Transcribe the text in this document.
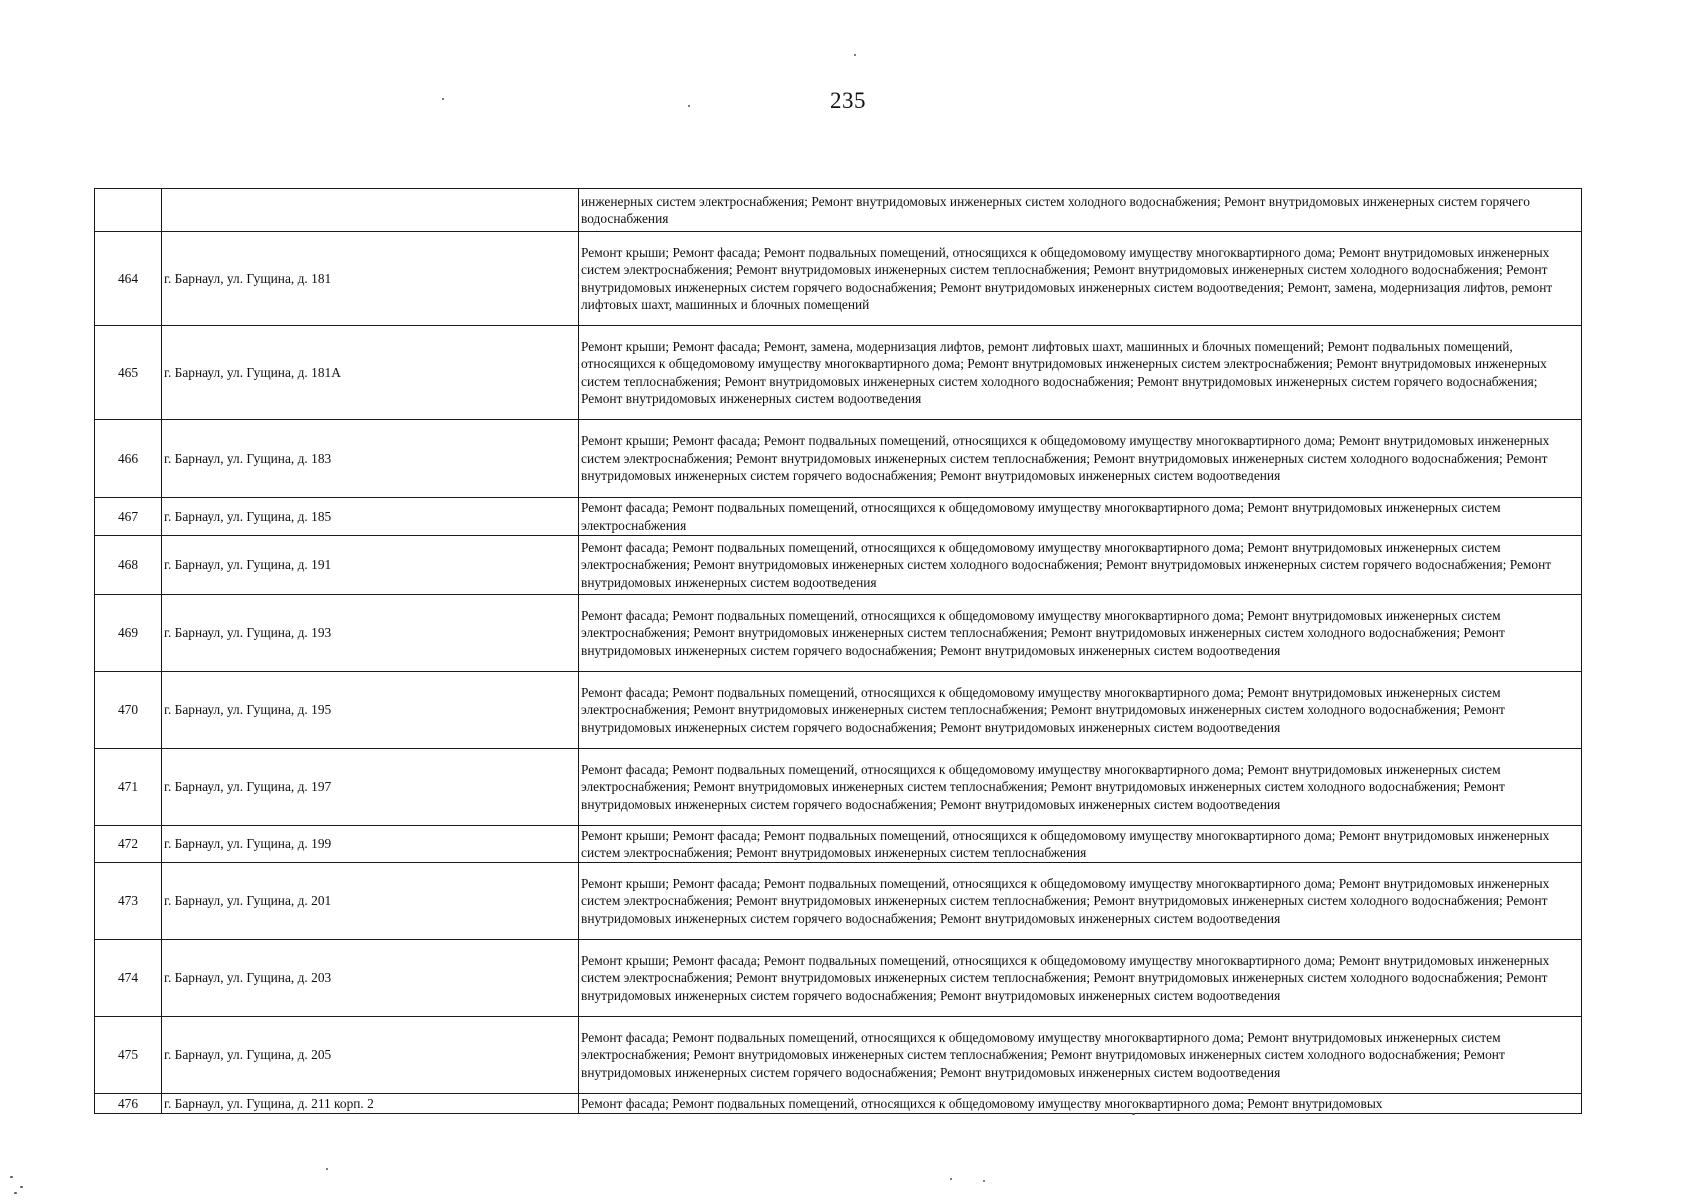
235
		инженерных систем электроснабжения; Ремонт внутридомовых инженерных систем холодного водоснабжения; Ремонт внутридомовых инженерных систем горячего водоснабжения
464	г. Барнаул, ул. Гущина, д. 181	Ремонт крыши; Ремонт фасада; Ремонт подвальных помещений, относящихся к общедомовому имуществу многоквартирного дома; Ремонт внутридомовых инженерных систем электроснабжения; Ремонт внутридомовых инженерных систем теплоснабжения; Ремонт внутридомовых инженерных систем холодного водоснабжения; Ремонт внутридомовых инженерных систем горячего водоснабжения; Ремонт внутридомовых инженерных систем водоотведения; Ремонт, замена, модернизация лифтов, ремонт лифтовых шахт, машинных и блочных помещений
465	г. Барнаул, ул. Гущина, д. 181А	Ремонт крыши; Ремонт фасада; Ремонт, замена, модернизация лифтов, ремонт лифтовых шахт, машинных и блочных помещений; Ремонт подвальных помещений, относящихся к общедомовому имуществу многоквартирного дома; Ремонт внутридомовых инженерных систем электроснабжения; Ремонт внутридомовых инженерных систем теплоснабжения; Ремонт внутридомовых инженерных систем холодного водоснабжения; Ремонт внутридомовых инженерных систем горячего водоснабжения; Ремонт внутридомовых инженерных систем водоотведения
466	г. Барнаул, ул. Гущина, д. 183	Ремонт крыши; Ремонт фасада; Ремонт подвальных помещений, относящихся к общедомовому имуществу многоквартирного дома; Ремонт внутридомовых инженерных систем электроснабжения; Ремонт внутридомовых инженерных систем теплоснабжения; Ремонт внутридомовых инженерных систем холодного водоснабжения; Ремонт внутридомовых инженерных систем горячего водоснабжения; Ремонт внутридомовых инженерных систем водоотведения
467	г. Барнаул, ул. Гущина, д. 185	Ремонт фасада; Ремонт подвальных помещений, относящихся к общедомовому имуществу многоквартирного дома; Ремонт внутридомовых инженерных систем электроснабжения
468	г. Барнаул, ул. Гущина, д. 191	Ремонт фасада; Ремонт подвальных помещений, относящихся к общедомовому имуществу многоквартирного дома; Ремонт внутридомовых инженерных систем электроснабжения; Ремонт внутридомовых инженерных систем холодного водоснабжения; Ремонт внутридомовых инженерных систем горячего водоснабжения; Ремонт внутридомовых инженерных систем водоотведения
469	г. Барнаул, ул. Гущина, д. 193	Ремонт фасада; Ремонт подвальных помещений, относящихся к общедомовому имуществу многоквартирного дома; Ремонт внутридомовых инженерных систем электроснабжения; Ремонт внутридомовых инженерных систем теплоснабжения; Ремонт внутридомовых инженерных систем холодного водоснабжения; Ремонт внутридомовых инженерных систем горячего водоснабжения; Ремонт внутридомовых инженерных систем водоотведения
470	г. Барнаул, ул. Гущина, д. 195	Ремонт фасада; Ремонт подвальных помещений, относящихся к общедомовому имуществу многоквартирного дома; Ремонт внутридомовых инженерных систем электроснабжения; Ремонт внутридомовых инженерных систем теплоснабжения; Ремонт внутридомовых инженерных систем холодного водоснабжения; Ремонт внутридомовых инженерных систем горячего водоснабжения; Ремонт внутридомовых инженерных систем водоотведения
471	г. Барнаул, ул. Гущина, д. 197	Ремонт фасада; Ремонт подвальных помещений, относящихся к общедомовому имуществу многоквартирного дома; Ремонт внутридомовых инженерных систем электроснабжения; Ремонт внутридомовых инженерных систем теплоснабжения; Ремонт внутридомовых инженерных систем холодного водоснабжения; Ремонт внутридомовых инженерных систем горячего водоснабжения; Ремонт внутридомовых инженерных систем водоотведения
472	г. Барнаул, ул. Гущина, д. 199	Ремонт крыши; Ремонт фасада; Ремонт подвальных помещений, относящихся к общедомовому имуществу многоквартирного дома; Ремонт внутридомовых инженерных систем электроснабжения; Ремонт внутридомовых инженерных систем теплоснабжения
473	г. Барнаул, ул. Гущина, д. 201	Ремонт крыши; Ремонт фасада; Ремонт подвальных помещений, относящихся к общедомовому имуществу многоквартирного дома; Ремонт внутридомовых инженерных систем электроснабжения; Ремонт внутридомовых инженерных систем теплоснабжения; Ремонт внутридомовых инженерных систем холодного водоснабжения; Ремонт внутридомовых инженерных систем горячего водоснабжения; Ремонт внутридомовых инженерных систем водоотведения
474	г. Барнаул, ул. Гущина, д. 203	Ремонт крыши; Ремонт фасада; Ремонт подвальных помещений, относящихся к общедомовому имуществу многоквартирного дома; Ремонт внутридомовых инженерных систем электроснабжения; Ремонт внутридомовых инженерных систем теплоснабжения; Ремонт внутридомовых инженерных систем холодного водоснабжения; Ремонт внутридомовых инженерных систем горячего водоснабжения; Ремонт внутридомовых инженерных систем водоотведения
475	г. Барнаул, ул. Гущина, д. 205	Ремонт фасада; Ремонт подвальных помещений, относящихся к общедомовому имуществу многоквартирного дома; Ремонт внутридомовых инженерных систем электроснабжения; Ремонт внутридомовых инженерных систем теплоснабжения; Ремонт внутридомовых инженерных систем холодного водоснабжения; Ремонт внутридомовых инженерных систем горячего водоснабжения; Ремонт внутридомовых инженерных систем водоотведения
476	г. Барнаул, ул. Гущина, д. 211 корп. 2	Ремонт фасада; Ремонт подвальных помещений, относящихся к общедомовому имуществу многоквартирного дома; Ремонт внутридомовых
